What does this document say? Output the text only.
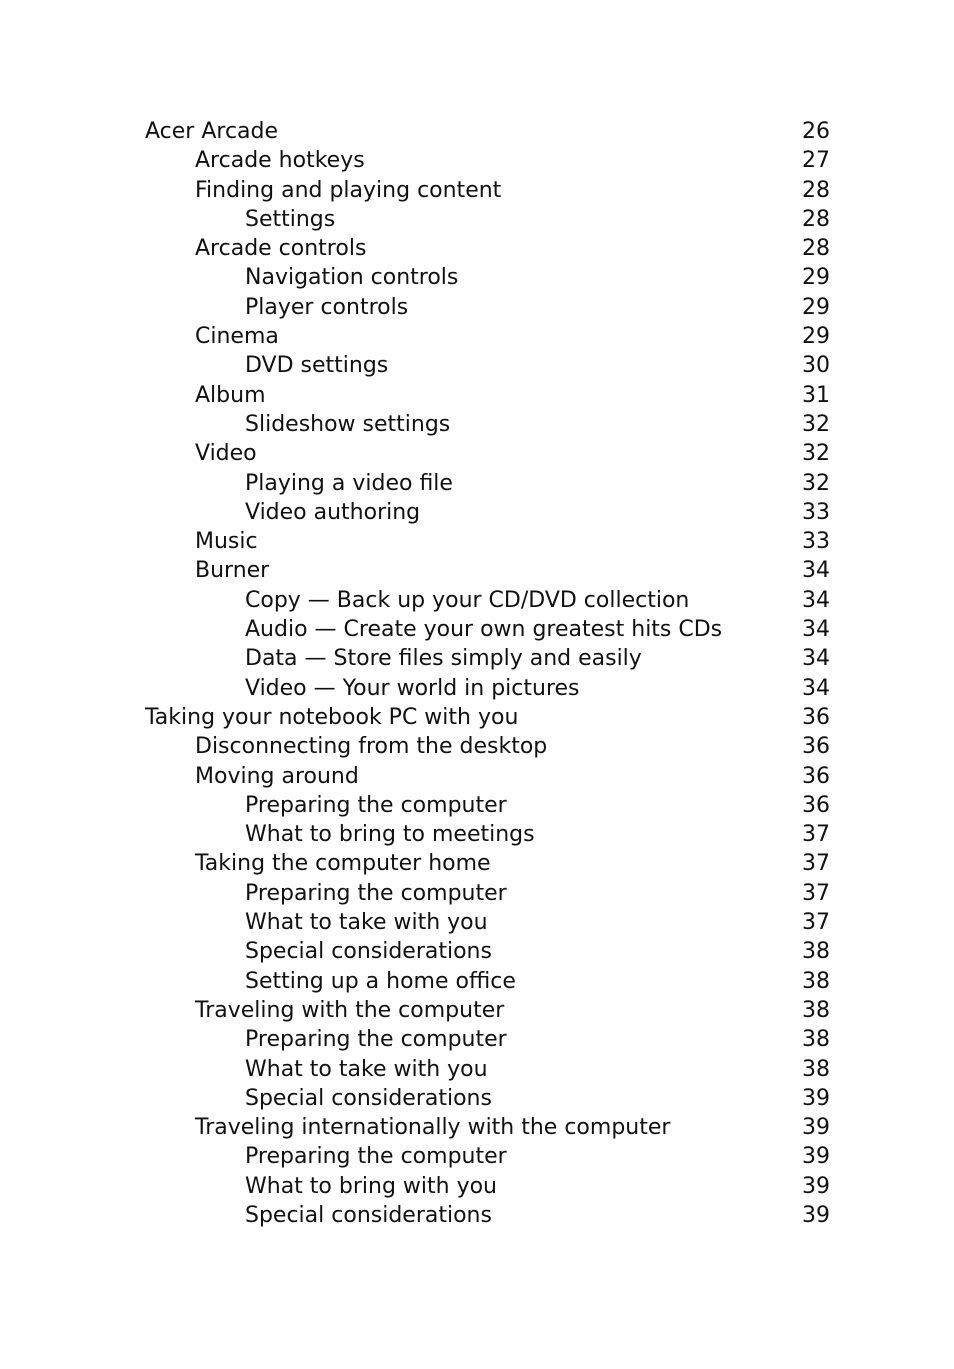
Acer Arcade	26
Arcade hotkeys	27
Finding and playing content	28
Settings	28
Arcade controls	28
Navigation controls	29
Player controls	29
Cinema	29
DVD settings	30
Album	31
Slideshow settings	32
Video	32
Playing a video file	32
Video authoring	33
Music	33
Burner	34
Copy — Back up your CD/DVD collection	34
Audio — Create your own greatest hits CDs	34
Data — Store files simply and easily	34
Video — Your world in pictures	34
Taking your notebook PC with you	36
Disconnecting from the desktop	36
Moving around	36
Preparing the computer	36
What to bring to meetings	37
Taking the computer home	37
Preparing the computer	37
What to take with you	37
Special considerations	38
Setting up a home office	38
Traveling with the computer	38
Preparing the computer	38
What to take with you	38
Special considerations	39
Traveling internationally with the computer	39
Preparing the computer	39
What to bring with you	39
Special considerations	39
